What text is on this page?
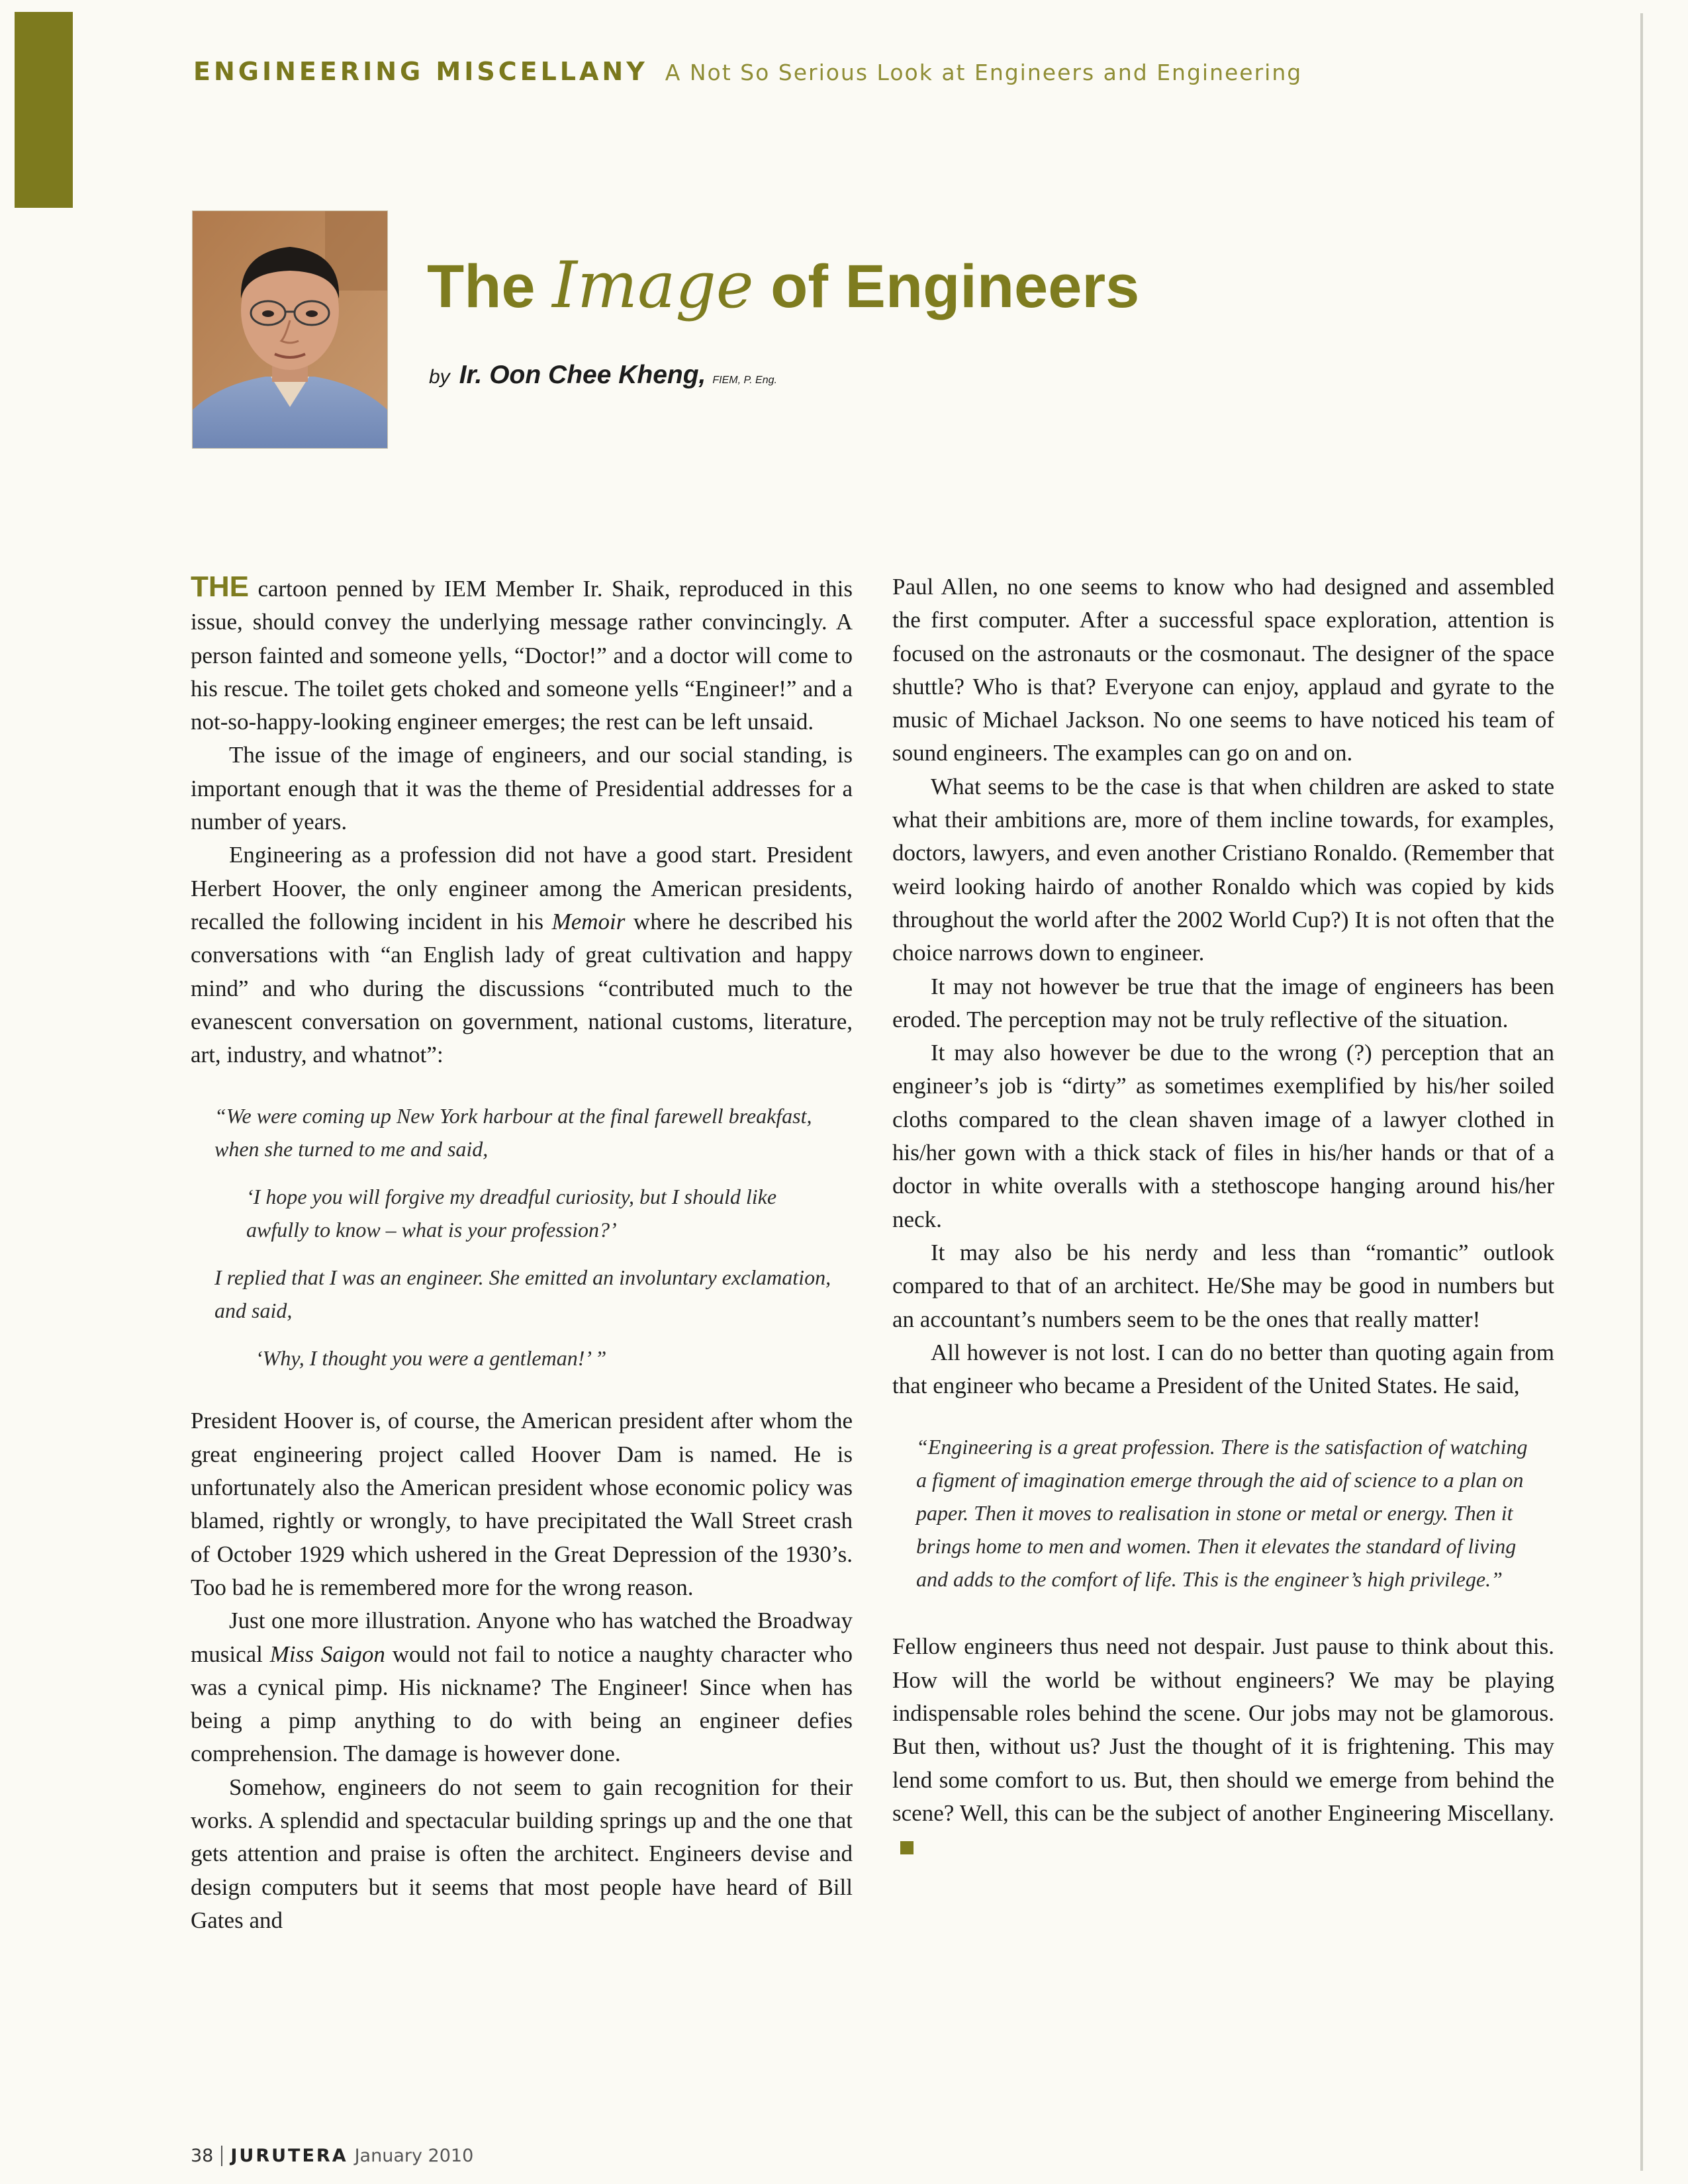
ENGINEERING MISCELLANY A Not So Serious Look at Engineers and Engineering
The Image of Engineers
by Ir. Oon Chee Kheng, FIEM, P. Eng.

THE cartoon penned by IEM Member Ir. Shaik, reproduced in this issue, should convey the underlying message rather convincingly. A person fainted and someone yells, “Doctor!” and a doctor will come to his rescue. The toilet gets choked and someone yells “Engineer!” and a not-so-happy-looking engineer emerges; the rest can be left unsaid.

The issue of the image of engineers, and our social standing, is important enough that it was the theme of Presidential addresses for a number of years.

Engineering as a profession did not have a good start. President Herbert Hoover, the only engineer among the American presidents, recalled the following incident in his Memoir where he described his conversations with “an English lady of great cultivation and happy mind” and who during the discussions “contributed much to the evanescent conversation on government, national customs, literature, art, industry, and whatnot”:

“We were coming up New York harbour at the final farewell breakfast, when she turned to me and said,

‘I hope you will forgive my dreadful curiosity, but I should like awfully to know – what is your profession?’

I replied that I was an engineer. She emitted an involuntary exclamation, and said,

‘Why, I thought you were a gentleman!’ ”

President Hoover is, of course, the American president after whom the great engineering project called Hoover Dam is named. He is unfortunately also the American president whose economic policy was blamed, rightly or wrongly, to have precipitated the Wall Street crash of October 1929 which ushered in the Great Depression of the 1930’s. Too bad he is remembered more for the wrong reason.

Just one more illustration. Anyone who has watched the Broadway musical Miss Saigon would not fail to notice a naughty character who was a cynical pimp. His nickname? The Engineer! Since when has being a pimp anything to do with being an engineer defies comprehension. The damage is however done.

Somehow, engineers do not seem to gain recognition for their works. A splendid and spectacular building springs up and the one that gets attention and praise is often the architect. Engineers devise and design computers but it seems that most people have heard of Bill Gates and

Paul Allen, no one seems to know who had designed and assembled the first computer. After a successful space exploration, attention is focused on the astronauts or the cosmonaut. The designer of the space shuttle? Who is that? Everyone can enjoy, applaud and gyrate to the music of Michael Jackson. No one seems to have noticed his team of sound engineers. The examples can go on and on.

What seems to be the case is that when children are asked to state what their ambitions are, more of them incline towards, for examples, doctors, lawyers, and even another Cristiano Ronaldo. (Remember that weird looking hairdo of another Ronaldo which was copied by kids throughout the world after the 2002 World Cup?) It is not often that the choice narrows down to engineer.

It may not however be true that the image of engineers has been eroded. The perception may not be truly reflective of the situation.

It may also however be due to the wrong (?) perception that an engineer’s job is “dirty” as sometimes exemplified by his/her soiled cloths compared to the clean shaven image of a lawyer clothed in his/her gown with a thick stack of files in his/her hands or that of a doctor in white overalls with a stethoscope hanging around his/her neck.

It may also be his nerdy and less than “romantic” outlook compared to that of an architect. He/She may be good in numbers but an accountant’s numbers seem to be the ones that really matter!

All however is not lost. I can do no better than quoting again from that engineer who became a President of the United States. He said,

“Engineering is a great profession. There is the satisfaction of watching a figment of imagination emerge through the aid of science to a plan on paper. Then it moves to realisation in stone or metal or energy. Then it brings home to men and women. Then it elevates the standard of living and adds to the comfort of life. This is the engineer’s high privilege.”

Fellow engineers thus need not despair. Just pause to think about this. How will the world be without engineers? We may be playing indispensable roles behind the scene. Our jobs may not be glamorous. But then, without us? Just the thought of it is frightening. This may lend some comfort to us. But, then should we emerge from behind the scene? Well, this can be the subject of another Engineering Miscellany.

38 JURUTERA January 2010
